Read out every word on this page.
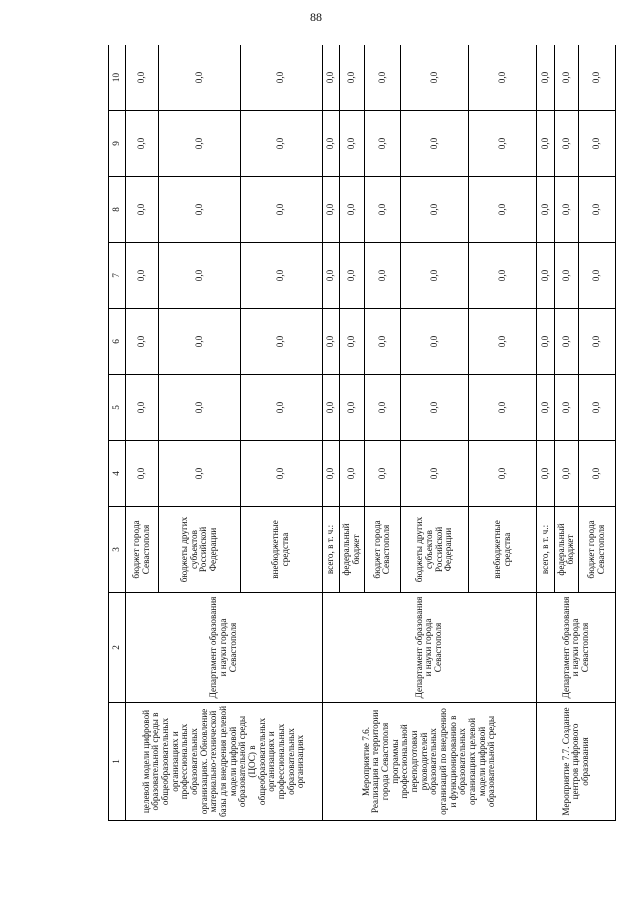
88
1	2	3	4	5	6	7	8	9	10
целевой модели цифровой образовательной среды в общеобразовательных организациях и профессиональных образовательных организациях. Обновление материально-технической базы для внедрения целевой модели цифровой образовательной среды (ЦОС) в общеобразовательных организациях и профессиональных образовательных организациях	Департамент образования и науки города Севастополя	бюджет города Севастополя	0,0	0,0	0,0	0,0	0,0	0,0	0,0
		бюджеты других субъектов Российской Федерации	0,0	0,0	0,0	0,0	0,0	0,0	0,0
		внебюджетные средства	0,0	0,0	0,0	0,0	0,0	0,0	0,0
Мероприятие 7.6. Реализация на территории города Севастополя программы профессиональной переподготовки руководителей образовательных организаций по внедрению и функционированию в образовательных организациях целевой модели цифровой образовательной среды	Департамент образования и науки города Севастополя	всего, в т. ч.:	0,0	0,0	0,0	0,0	0,0	0,0	0,0
		федеральный бюджет	0,0	0,0	0,0	0,0	0,0	0,0	0,0
		бюджет города Севастополя	0,0	0,0	0,0	0,0	0,0	0,0	0,0
		бюджеты других субъектов Российской Федерации	0,0	0,0	0,0	0,0	0,0	0,0	0,0
		внебюджетные средства	0,0	0,0	0,0	0,0	0,0	0,0	0,0
Мероприятие 7.7. Создание центров цифрового образования	Департамент образования и науки города Севастополя	всего, в т. ч.:	0,0	0,0	0,0	0,0	0,0	0,0	0,0
		федеральный бюджет	0,0	0,0	0,0	0,0	0,0	0,0	0,0
		бюджет города Севастополя	0,0	0,0	0,0	0,0	0,0	0,0	0,0
